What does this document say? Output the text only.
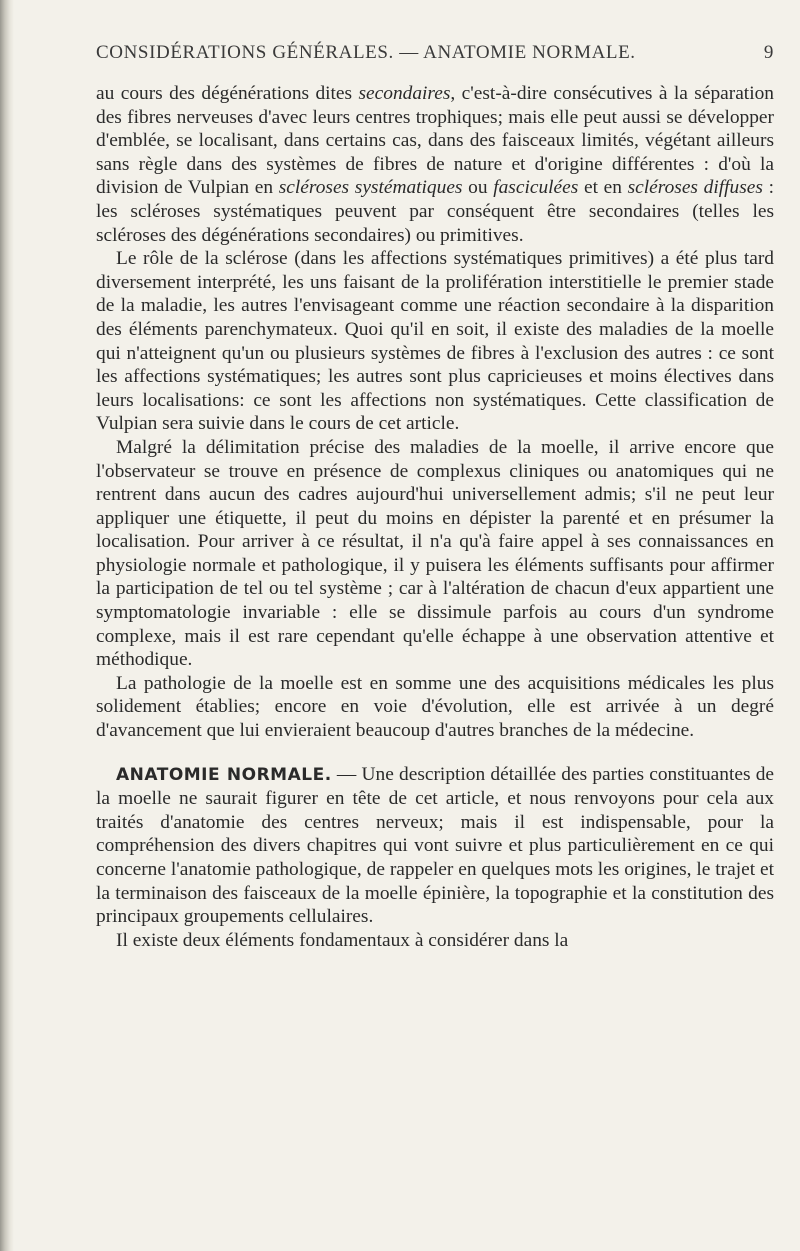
CONSIDÉRATIONS GÉNÉRALES. — ANATOMIE NORMALE.	9

au cours des dégénérations dites secondaires, c'est-à-dire consécutives à la séparation des fibres nerveuses d'avec leurs centres trophiques; mais elle peut aussi se développer d'emblée, se localisant, dans certains cas, dans des faisceaux limités, végétant ailleurs sans règle dans des systèmes de fibres de nature et d'origine différentes : d'où la division de Vulpian en scléroses systématiques ou fasciculées et en scléroses diffuses : les scléroses systématiques peuvent par conséquent être secondaires (telles les scléroses des dégénérations secondaires) ou primitives.

Le rôle de la sclérose (dans les affections systématiques primitives) a été plus tard diversement interprété, les uns faisant de la prolifération interstitielle le premier stade de la maladie, les autres l'envisageant comme une réaction secondaire à la disparition des éléments parenchymateux. Quoi qu'il en soit, il existe des maladies de la moelle qui n'atteignent qu'un ou plusieurs systèmes de fibres à l'exclusion des autres : ce sont les affections systématiques; les autres sont plus capricieuses et moins électives dans leurs localisations: ce sont les affections non systématiques. Cette classification de Vulpian sera suivie dans le cours de cet article.

Malgré la délimitation précise des maladies de la moelle, il arrive encore que l'observateur se trouve en présence de complexus cliniques ou anatomiques qui ne rentrent dans aucun des cadres aujourd'hui universellement admis; s'il ne peut leur appliquer une étiquette, il peut du moins en dépister la parenté et en présumer la localisation. Pour arriver à ce résultat, il n'a qu'à faire appel à ses connaissances en physiologie normale et pathologique, il y puisera les éléments suffisants pour affirmer la participation de tel ou tel système ; car à l'altération de chacun d'eux appartient une symptomatologie invariable : elle se dissimule parfois au cours d'un syndrome complexe, mais il est rare cependant qu'elle échappe à une observation attentive et méthodique.

La pathologie de la moelle est en somme une des acquisitions médicales les plus solidement établies; encore en voie d'évolution, elle est arrivée à un degré d'avancement que lui envieraient beaucoup d'autres branches de la médecine.

ANATOMIE NORMALE. — Une description détaillée des parties constituantes de la moelle ne saurait figurer en tête de cet article, et nous renvoyons pour cela aux traités d'anatomie des centres nerveux; mais il est indispensable, pour la compréhension des divers chapitres qui vont suivre et plus particulièrement en ce qui concerne l'anatomie pathologique, de rappeler en quelques mots les origines, le trajet et la terminaison des faisceaux de la moelle épinière, la topographie et la constitution des principaux groupements cellulaires.

Il existe deux éléments fondamentaux à considérer dans la
